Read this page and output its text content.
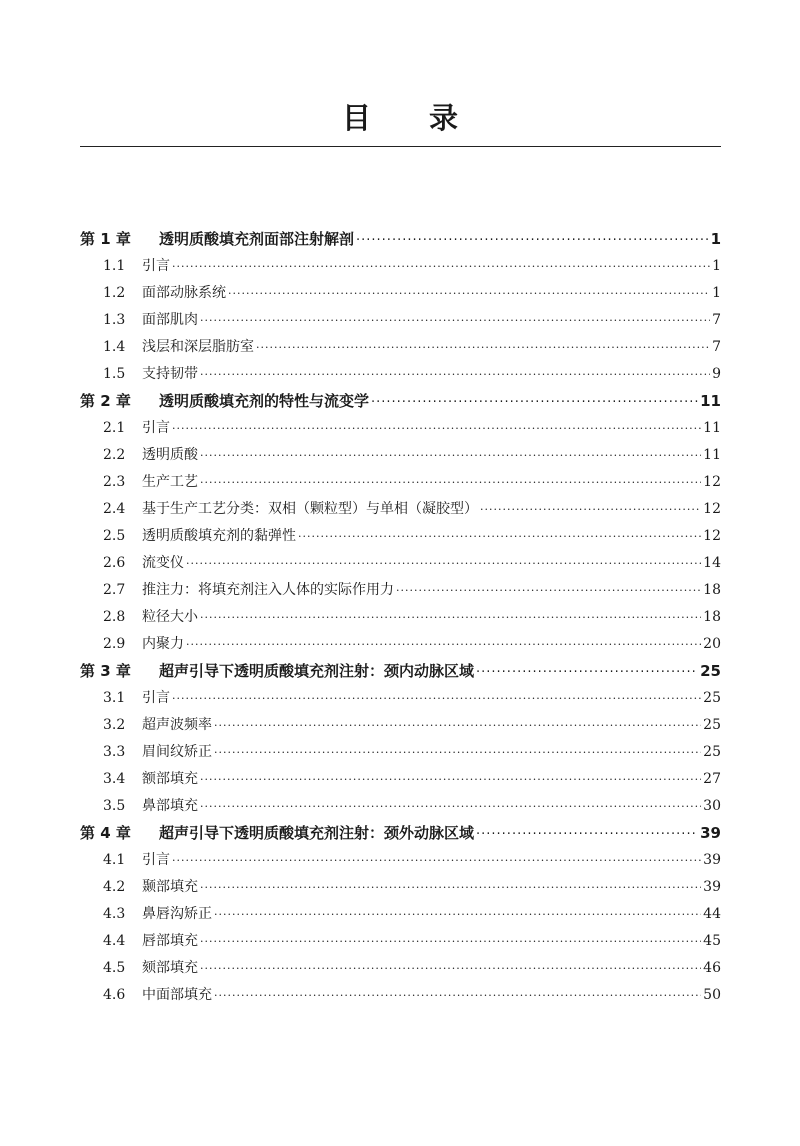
目 录
第 1 章	透明质酸填充剂面部注射解剖 ·····	1
1.1	引言 ·····	1
1.2	面部动脉系统 ·····	1
1.3	面部肌肉 ·····	7
1.4	浅层和深层脂肪室 ·····	7
1.5	支持韧带 ·····	9
第 2 章	透明质酸填充剂的特性与流变学 ·····	11
2.1	引言 ·····	11
2.2	透明质酸 ·····	11
2.3	生产工艺 ·····	12
2.4	基于生产工艺分类：双相（颗粒型）与单相（凝胶型） ·····	12
2.5	透明质酸填充剂的黏弹性 ·····	12
2.6	流变仪 ·····	14
2.7	推注力：将填充剂注入人体的实际作用力 ·····	18
2.8	粒径大小 ·····	18
2.9	内聚力 ·····	20
第 3 章	超声引导下透明质酸填充剂注射：颈内动脉区域 ·····	25
3.1	引言 ·····	25
3.2	超声波频率 ·····	25
3.3	眉间纹矫正 ·····	25
3.4	额部填充 ·····	27
3.5	鼻部填充 ·····	30
第 4 章	超声引导下透明质酸填充剂注射：颈外动脉区域 ·····	39
4.1	引言 ·····	39
4.2	颞部填充 ·····	39
4.3	鼻唇沟矫正 ·····	44
4.4	唇部填充 ·····	45
4.5	颏部填充 ·····	46
4.6	中面部填充 ·····	50
